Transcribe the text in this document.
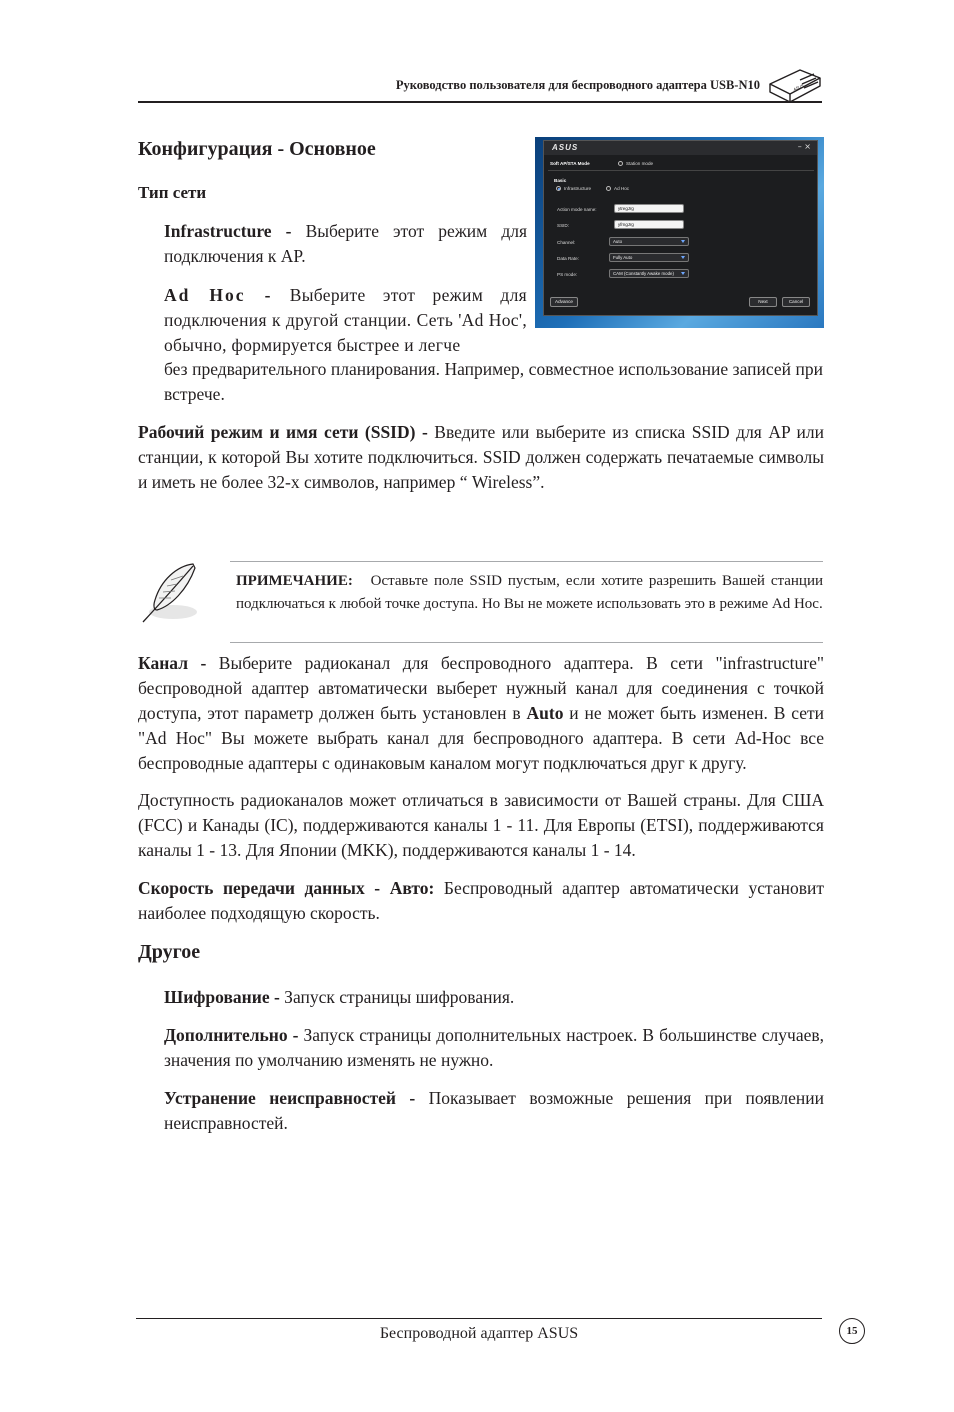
Руководство пользователя для беспроводного адаптера USB-N10	ASUS
Конфигурация - Основное
Тип сети
Infrastructure - Выберите этот режим для подключения к AP.
Ad Hoc - Выберите этот режим для подключения к другой станции. Сеть 'Ad Hoc', обычно, формируется быстрее и легче
без предварительного планирования. Например, совместное использование записей при встрече.
Рабочий режим и имя сети (SSID) - Введите или выберите из списка SSID для AP или станции, к которой Вы хотите подключиться. SSID должен содержать печатаемые символы и иметь не более 32-х символов, например “ Wireless”.
ASUS	– ×
Soft AP/STA Mode	Station mode
Basic
Infrastructure	Ad Hoc
Action mode name:	ytregJrg
SSID:	yfrngJrg
Channel:	Auto
Data Rate:	Fully Auto
PS mode:	CAM (Constantly Awake mode)
Advance	Next	Cancel
ПРИМЕЧАНИЕ: Оставьте поле SSID пустым, если хотите разрешить Вашей станции подключаться к любой точке доступа. Но Вы не можете использовать это в режиме Ad Hoc.
Канал - Выберите радиоканал для беспроводного адаптера. В сети "infrastructure" беспроводной адаптер автоматически выберет нужный канал для соединения с точкой доступа, этот параметр должен быть установлен в Auto и не может быть изменен. В сети "Ad Hoc" Вы можете выбрать канал для беспроводного адаптера. В сети Ad-Hoc все беспроводные адаптеры с одинаковым каналом могут подключаться друг к другу.
Доступность радиоканалов может отличаться в зависимости от Вашей страны. Для США (FCC) и Канады (IC), поддерживаются каналы 1 - 11. Для Европы (ETSI), поддерживаются каналы 1 - 13. Для Японии (MKK), поддерживаются каналы 1 - 14.
Скорость передачи данных - Авто: Беспроводный адаптер автоматически установит наиболее подходящую скорость.
Другое
Шифрование - Запуск страницы шифрования.
Дополнительно - Запуск страницы дополнительных настроек. В большинстве случаев, значения по умолчанию изменять не нужно.
Устранение неисправностей - Показывает возможные решения при появлении неисправностей.
Беспроводной адаптер ASUS	15
